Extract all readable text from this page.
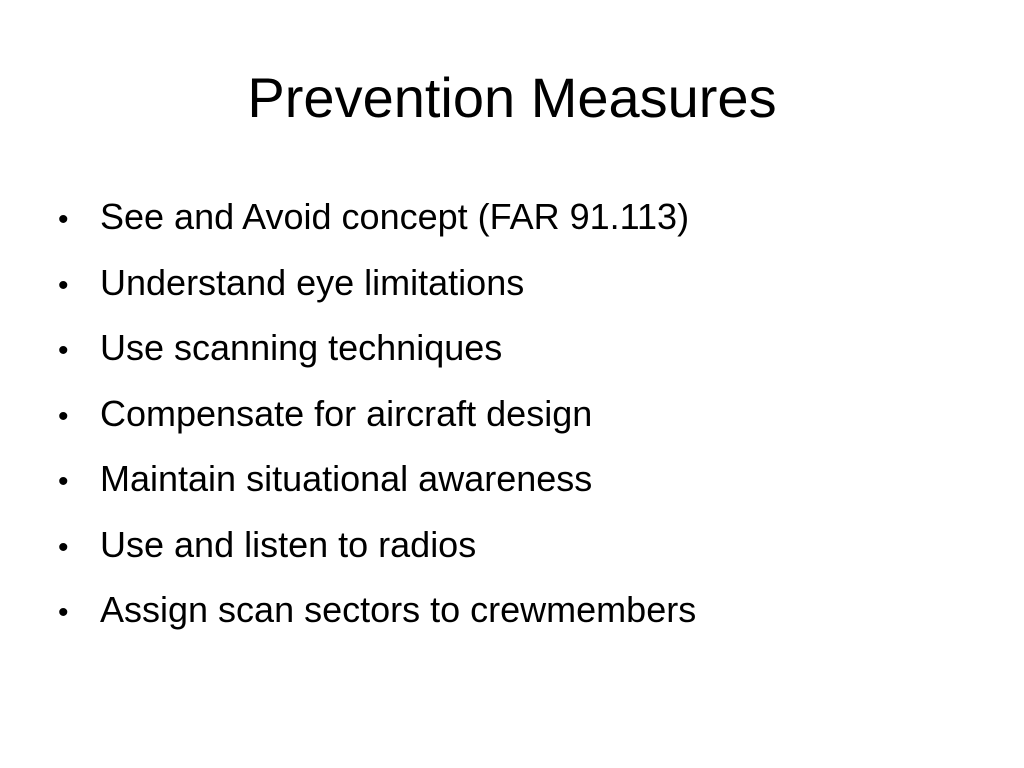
Prevention Measures
• See and Avoid concept (FAR 91.113)
• Understand eye limitations
• Use scanning techniques
• Compensate for aircraft design
• Maintain situational awareness
• Use and listen to radios
• Assign scan sectors to crewmembers
